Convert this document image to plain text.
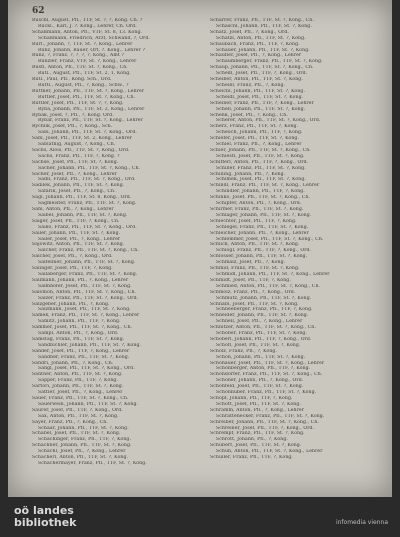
62
Rüschl, August, Pfl., TTF, St. ?, ?, Kong. Ch. ?
Rückl., Karl, J. ?. Kong., Lehrer, Ch. Ord.
Schäßmann, Anton, Pfl., VTF, St. 8, 13. Kong.
Schäßmann, Friedrich, Arzt, Schwand, ?, Ord.
Rürl., Johann, ?, TTF, St. ?, Kong., Lehrer
Rünz, Johann, Bauer, Ort, ?. Kong., Lehrer ?
Rünz, ?, Franz, ?, ?, ?, ?, Kong., Amt ?
Rünzler, Franz, VTF, St. ?, Kong., Lehrer
Rüstl, Anton, Pfl., TTF, St. ?, Kong., Ch.
Rütl., August, Pfl., TTF, St. 2, 1, Kong.
Rütl., Paul, Pfl., Kong. Sch., Ord.
Rüttl., August, Pfl., ?, Kong., Schw., ?
Rüttner, Johann, Pfl., TTF, St. ?, Kong., Lehrer
Rüttler, Josef, Pfl., TTF, St. ?, Kong., Ch.
Rüttler, Josef, Pfl., TTF, St. ?, ?, Kong.
Ryba, Johann, Pfl., TTF, St. 2, Kong., Lehrer
Rybak, Josef, ?, Pfl., ?, Kong. Ord.
Rybar, Franz, Pfl., TTF, St. ?, Kong., Lehrer
Rychlik, Josef, Pfl., ?, Kong., Sch.
Sabl, Johann, Pfl., TTF, St. ?, Kong., Ord.
Sabl, Josef, Pfl., TTF, St. 2, Kong., Lehrer
Sablatnig, August, ?, Kong., Ch.
Sachs, Alois, Pfl., TTF, St. ?, Kong., Ord.
Sachs, Franz, Pfl., TTF, ?, Kong. ?
Sachse, Josef, Pfl., TTF, St. ?, Kong.
Sacher, Johann, Pfl., TTF, St. ?, Kong., Ch.
Sacher, Josef, Pfl., ?, Kong., Lehrer
Sadil, Franz, Pfl., TTF, St. ?, Kong., Ord.
Sadilek, Johann, Pfl., TTF, St. ?, Kong.
Safarik, Josef, Pfl., ?, Kong., Ch.
Sagl, Johann, Pfl., TTF, St. 8, Kong., Ord.
Sagmeister, Franz, Pfl., TTF, St. ?, Kong.
Sahl, Anton, Pfl., ?, Kong., Lehrer
Saibel, Johann, Pfl., TTF, St. ?, Kong.
Saiger, Josef, Pfl., TTF, ?, Kong., Ch.
Saiko, Franz, Pfl., TTF, St. ?, Kong., Ord.
Sailer, Johann, Pfl., TTF, St. ?, Kong.
Sailer, Josef, Pfl., ?, Kong., Lehrer
Sajowitz, Anton, Pfl., TTF, St. ?, Kong.
Salcher, Franz, Pfl., TTF, St. ?, Kong., Ch.
Salcher, Josef, Pfl., ?, Kong., Ord.
Salfellner, Johann, Pfl., TTF, St. ?, Kong.
Salinger, Josef, Pfl., TTF, ?, Kong.
Sallaberger, Franz, Pfl., TTF, St. ?, Kong.
Sallmann, Johann, Pfl., ?, Kong., Lehrer
Salmhofer, Josef, Pfl., TTF, St. ?, Kong.
Salomon, Anton, Pfl., TTF, St. ?, Kong., Ch.
Salzer, Franz, Pfl., TTF, St. ?, Kong., Ord.
Salzgeber, Johann, Pfl., ?, Kong.
Salzmann, Josef, Pfl., TTF, St. ?, Kong.
Samek, Franz, Pfl., TTF, St. ?, Kong., Lehrer
Samitz, Johann, Pfl., TTF, ?, Kong.
Sammer, Josef, Pfl., TTF, St. ?, Kong., Ch.
Sampl, Anton, Pfl., ?, Kong., Ord.
Samstag, Franz, Pfl., TTF, St. ?, Kong.
Sandbichler, Johann, Pfl., TTF, St. ?, Kong.
Sander, Josef, Pfl., TTF, ?, Kong., Lehrer
Sandner, Franz, Pfl., TTF, St. ?, Kong.
Sandri, Johann, Pfl., ?, Kong., Ch.
Sangl, Josef, Pfl., TTF, St. ?, Kong., Ord.
Santner, Anton, Pfl., TTF, St. ?, Kong.
Sapper, Franz, Pfl., TTF, ?, Kong.
Sartori, Johann, Pfl., TTF, St. ?, Kong.
Sattler, Josef, Pfl., ?, Kong., Lehrer
Sauer, Franz, Pfl., TTF, St. ?, Kong., Ch.
Sauerwein, Johann, Pfl., TTF, St. ?, Kong.
Saurer, Josef, Pfl., TTF, ?, Kong., Ord.
Sax, Anton, Pfl., TTF, St. ?, Kong.
Sayer, Franz, Pfl., ?, Kong., Ch.
Schaar, Johann, Pfl., TTF, St. ?, Kong.
Schabel, Josef, Pfl., TTF, St. ?, Kong.
Schachinger, Franz, Pfl., TTF, ?, Kong.
Schachner, Johann, Pfl., TTF, St. ?, Kong.
Schachl, Josef, Pfl., ?, Kong., Lehrer
Schacherl, Anton, Pfl., TTF, St. ?, Kong.
Schachermayer, Franz, Pfl., TTF, St. ?, Kong.
Scharrer, Franz, Pfl., TTF, St. ?, Kong., Ch.
Schaschl, Johann, Pfl., TTF, St. ?, Kong.
Schatz, Josef, Pfl., ?, Kong., Ord.
Schatzl, Anton, Pfl., TTF, St. ?, Kong.
Schaubach, Franz, Pfl., TTF, ?, Kong.
Schauer, Johann, Pfl., TTF, St. ?, Kong.
Schaufler, Josef, Pfl., ?, Kong., Lehrer
Schaumberger, Franz, Pfl., TTF, St. ?, Kong.
Schaup, Johann, Pfl., TTF, St. ?, Kong., Ch.
Schedl, Josef, Pfl., TTF, ?, Kong., Ord.
Scheiber, Anton, Pfl., TTF, St. ?, Kong.
Scheibl, Franz, Pfl., ?, Kong.
Scheichl, Johann, Pfl., TTF, St. ?, Kong.
Scheidl, Josef, Pfl., TTF, St. ?, Kong.
Scheiner, Franz, Pfl., TTF, ?, Kong., Lehrer
Schell, Johann, Pfl., TTF, St. ?, Kong.
Schenk, Josef, Pfl., ?, Kong., Ch.
Scherer, Anton, Pfl., TTF, St. ?, Kong., Ord.
Scherz, Franz, Pfl., TTF, St. ?, Kong.
Scheuch, Johann, Pfl., TTF, ?, Kong.
Schiefer, Josef, Pfl., TTF, St. ?, Kong.
Schiel, Franz, Pfl., ?, Kong., Lehrer
Schier, Johann, Pfl., TTF, St. ?, Kong., Ch.
Schiestl, Josef, Pfl., TTF, St. ?, Kong.
Schifferl, Anton, Pfl., TTF, ?, Kong., Ord.
Schiller, Franz, Pfl., TTF, St. ?, Kong.
Schilling, Johann, Pfl., ?, Kong.
Schimek, Josef, Pfl., TTF, St. ?, Kong.
Schindl, Franz, Pfl., TTF, St. ?, Kong., Lehrer
Schindler, Johann, Pfl., TTF, ?, Kong.
Schinko, Josef, Pfl., TTF, St. ?, Kong., Ch.
Schipfer, Anton, Pfl., ?, Kong., Ord.
Schirmer, Franz, Pfl., TTF, St. ?, Kong.
Schlager, Johann, Pfl., TTF, St. ?, Kong.
Schlechter, Josef, Pfl., TTF, ?, Kong.
Schlegel, Franz, Pfl., TTF, St. ?, Kong.
Schleicher, Johann, Pfl., ?, Kong., Lehrer
Schlemmer, Josef, Pfl., TTF, St. ?, Kong., Ch.
Schlick, Anton, Pfl., TTF, St. ?, Kong.
Schlögl, Franz, Pfl., TTF, ?, Kong., Ord.
Schlosser, Johann, Pfl., TTF, St. ?, Kong.
Schmalz, Josef, Pfl., ?, Kong.
Schmid, Franz, Pfl., TTF, St. ?, Kong.
Schmidl, Johann, Pfl., TTF, St. ?, Kong., Lehrer
Schmidt, Josef, Pfl., TTF, ?, Kong.
Schmied, Anton, Pfl., TTF, St. ?, Kong., Ch.
Schmölz, Franz, Pfl., ?, Kong., Ord.
Schmutz, Johann, Pfl., TTF, St. ?, Kong.
Schnabl, Josef, Pfl., TTF, St. ?, Kong.
Schneeberger, Franz, Pfl., TTF, ?, Kong.
Schneider, Johann, Pfl., TTF, St. ?, Kong.
Schnell, Josef, Pfl., ?, Kong., Lehrer
Schnitzer, Anton, Pfl., TTF, St. ?, Kong., Ch.
Schober, Franz, Pfl., TTF, St. ?, Kong.
Schöberl, Johann, Pfl., TTF, ?, Kong., Ord.
Schöfl, Josef, Pfl., TTF, St. ?, Kong.
Scholz, Franz, Pfl., ?, Kong.
Schön, Johann, Pfl., TTF, St. ?, Kong.
Schönauer, Josef, Pfl., TTF, St. ?, Kong., Lehrer
Schönberger, Anton, Pfl., TTF, ?, Kong.
Schöndorfer, Franz, Pfl., TTF, St. ?, Kong., Ch.
Schöner, Johann, Pfl., ?, Kong., Ord.
Schönfeld, Josef, Pfl., TTF, St. ?, Kong.
Schönhuber, Franz, Pfl., TTF, St. ?, Kong.
Schöpf, Johann, Pfl., TTF, ?, Kong.
Schott, Josef, Pfl., TTF, St. ?, Kong.
Schramm, Anton, Pfl., ?, Kong., Lehrer
Schrattenecker, Franz, Pfl., TTF, St. ?, Kong.
Schreiber, Johann, Pfl., TTF, St. ?, Kong., Ch.
Schreiner, Josef, Pfl., TTF, ?, Kong., Ord.
Schrempf, Franz, Pfl., TTF, St. ?, Kong.
Schrott, Johann, Pfl., ?, Kong.
Schubert, Josef, Pfl., TTF, St. ?, Kong.
Schuh, Anton, Pfl., TTF, St. ?, Kong., Lehrer
Schuller, Franz, Pfl., TTF, ?, Kong.
oö landes
bibliothek	infomedia vienna
